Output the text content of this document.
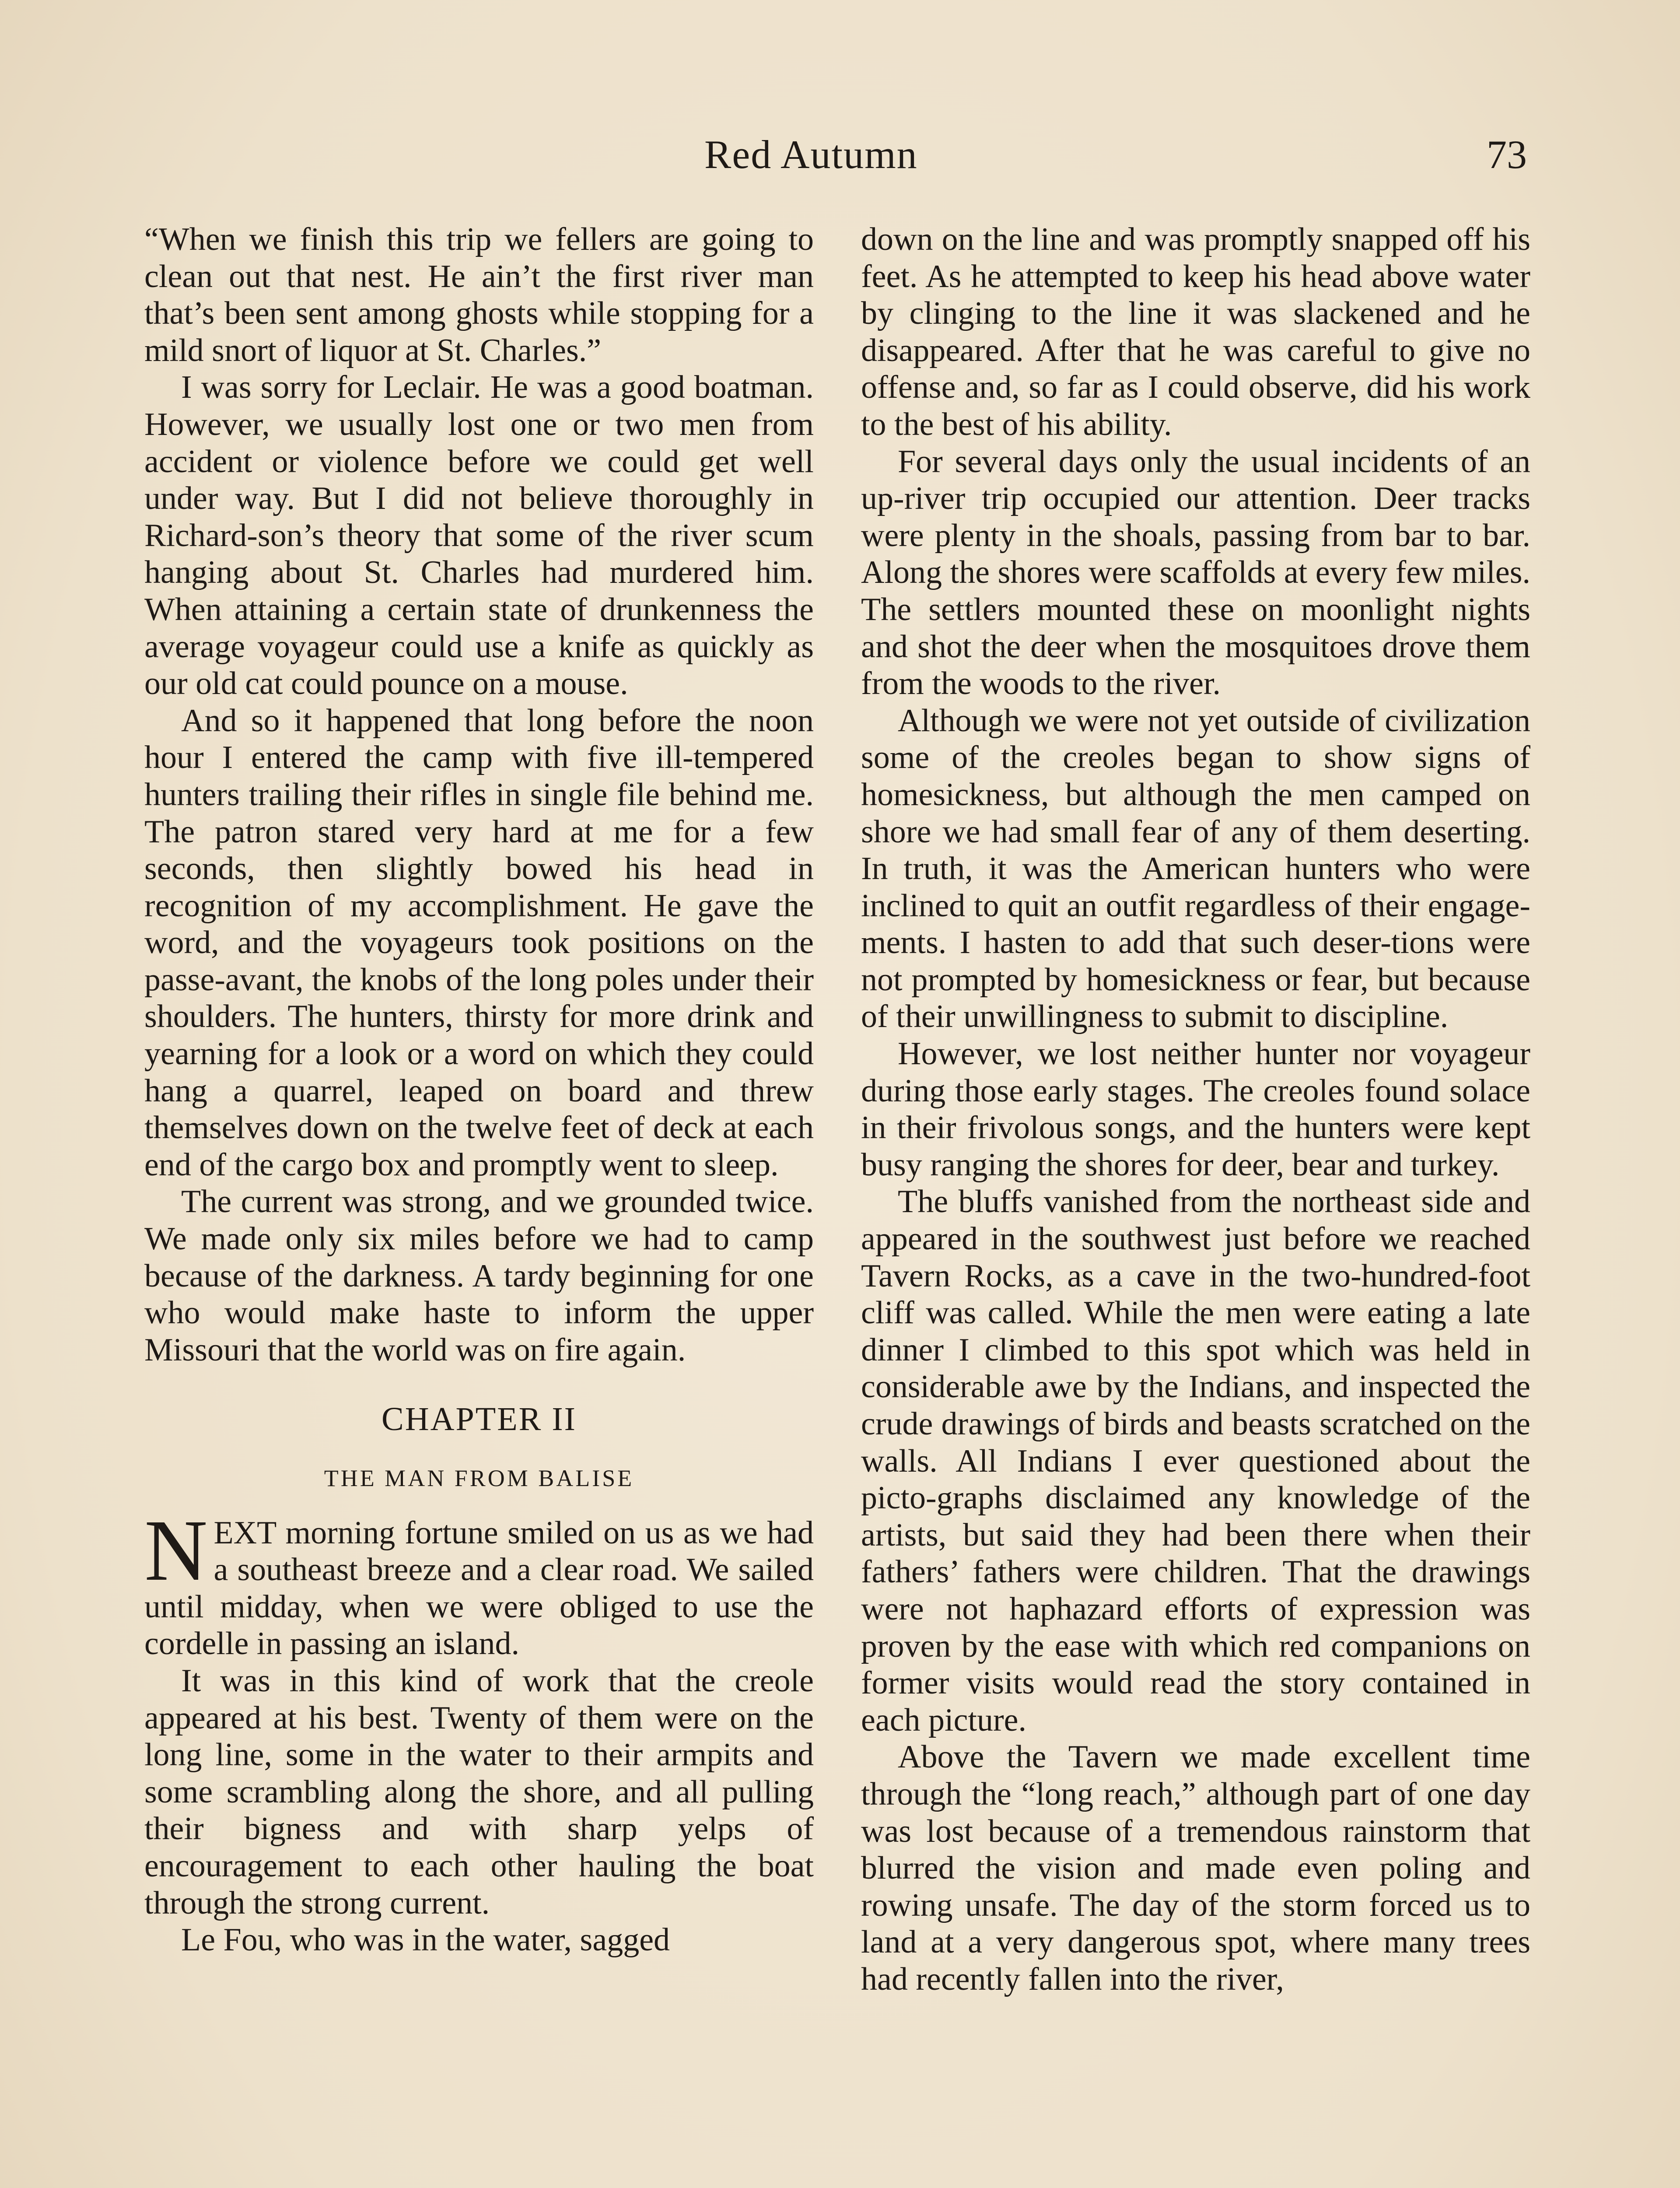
Red Autumn	73

“When we finish this trip we fellers are going to clean out that nest. He ain’t the first river man that’s been sent among ghosts while stopping for a mild snort of liquor at St. Charles.”

I was sorry for Leclair. He was a good boatman. However, we usually lost one or two men from accident or violence before we could get well under way. But I did not believe thoroughly in Richard-son’s theory that some of the river scum hanging about St. Charles had murdered him. When attaining a certain state of drunkenness the average voyageur could use a knife as quickly as our old cat could pounce on a mouse.

And so it happened that long before the noon hour I entered the camp with five ill-tempered hunters trailing their rifles in single file behind me. The patron stared very hard at me for a few seconds, then slightly bowed his head in recognition of my accomplishment. He gave the word, and the voyageurs took positions on the passe-avant, the knobs of the long poles under their shoulders. The hunters, thirsty for more drink and yearning for a look or a word on which they could hang a quarrel, leaped on board and threw themselves down on the twelve feet of deck at each end of the cargo box and promptly went to sleep.

The current was strong, and we grounded twice. We made only six miles before we had to camp because of the darkness. A tardy beginning for one who would make haste to inform the upper Missouri that the world was on fire again.

CHAPTER II
THE MAN FROM BALISE

NEXT morning fortune smiled on us as we had a southeast breeze and a clear road. We sailed until midday, when we were obliged to use the cordelle in passing an island.

It was in this kind of work that the creole appeared at his best. Twenty of them were on the long line, some in the water to their armpits and some scrambling along the shore, and all pulling their bigness and with sharp yelps of encouragement to each other hauling the boat through the strong current.

Le Fou, who was in the water, sagged

down on the line and was promptly snapped off his feet. As he attempted to keep his head above water by clinging to the line it was slackened and he disappeared. After that he was careful to give no offense and, so far as I could observe, did his work to the best of his ability.

For several days only the usual incidents of an up-river trip occupied our attention. Deer tracks were plenty in the shoals, passing from bar to bar. Along the shores were scaffolds at every few miles. The settlers mounted these on moonlight nights and shot the deer when the mosquitoes drove them from the woods to the river.

Although we were not yet outside of civilization some of the creoles began to show signs of homesickness, but although the men camped on shore we had small fear of any of them deserting. In truth, it was the American hunters who were inclined to quit an outfit regardless of their engage-ments. I hasten to add that such deser-tions were not prompted by homesickness or fear, but because of their unwillingness to submit to discipline.

However, we lost neither hunter nor voyageur during those early stages. The creoles found solace in their frivolous songs, and the hunters were kept busy ranging the shores for deer, bear and turkey.

The bluffs vanished from the northeast side and appeared in the southwest just before we reached Tavern Rocks, as a cave in the two-hundred-foot cliff was called. While the men were eating a late dinner I climbed to this spot which was held in considerable awe by the Indians, and inspected the crude drawings of birds and beasts scratched on the walls. All Indians I ever questioned about the picto-graphs disclaimed any knowledge of the artists, but said they had been there when their fathers’ fathers were children. That the drawings were not haphazard efforts of expression was proven by the ease with which red companions on former visits would read the story contained in each picture.

Above the Tavern we made excellent time through the “long reach,” although part of one day was lost because of a tremendous rainstorm that blurred the vision and made even poling and rowing unsafe. The day of the storm forced us to land at a very dangerous spot, where many trees had recently fallen into the river,
